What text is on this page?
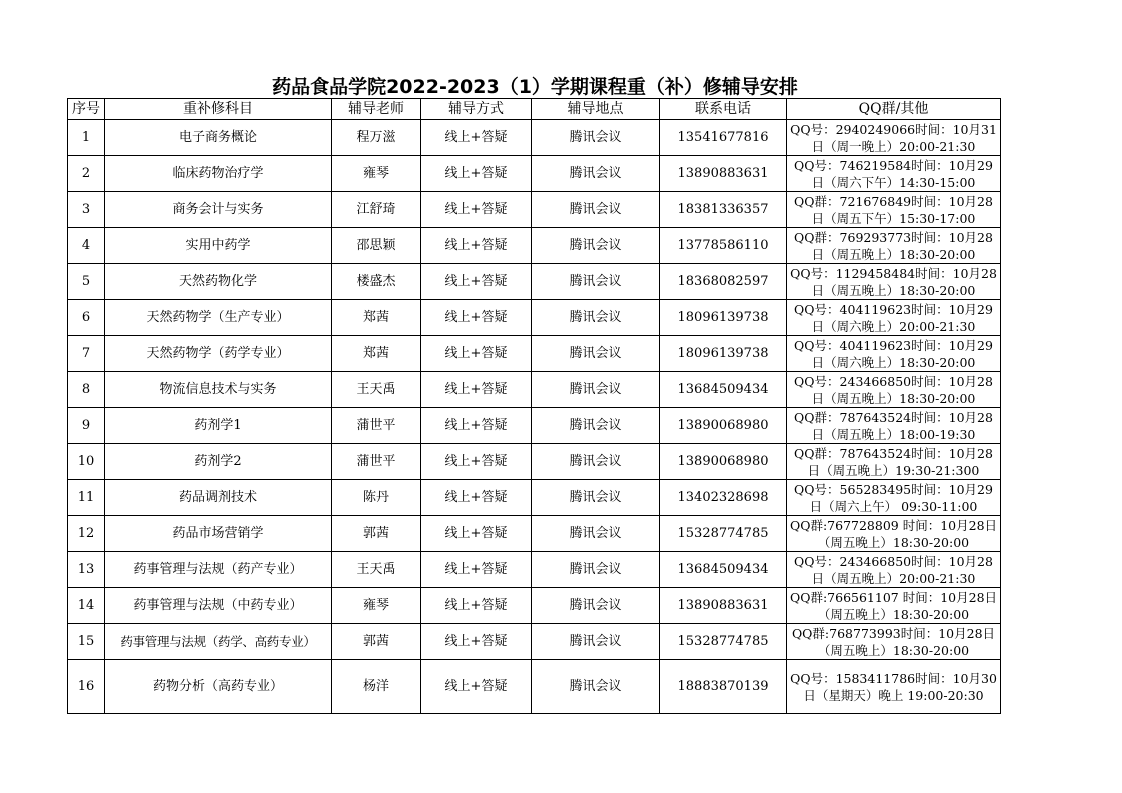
药品食品学院2022-2023（1）学期课程重（补）修辅导安排
序号	重补修科目	辅导老师	辅导方式	辅导地点	联系电话	QQ群/其他
1	电子商务概论	程万滋	线上+答疑	腾讯会议	13541677816	QQ号：2940249066时间：10月31日（周一晚上）20:00-21:30
2	临床药物治疗学	雍琴	线上+答疑	腾讯会议	13890883631	QQ号：746219584时间：10月29日（周六下午）14:30-15:00
3	商务会计与实务	江舒琦	线上+答疑	腾讯会议	18381336357	QQ群：721676849时间：10月28日（周五下午）15:30-17:00
4	实用中药学	邵思颖	线上+答疑	腾讯会议	13778586110	QQ群：769293773时间：10月28日（周五晚上）18:30-20:00
5	天然药物化学	楼盛杰	线上+答疑	腾讯会议	18368082597	QQ号：1129458484时间：10月28日（周五晚上）18:30-20:00
6	天然药物学（生产专业）	郑茜	线上+答疑	腾讯会议	18096139738	QQ号：404119623时间：10月29日（周六晚上）20:00-21:30
7	天然药物学（药学专业）	郑茜	线上+答疑	腾讯会议	18096139738	QQ号：404119623时间：10月29日（周六晚上）18:30-20:00
8	物流信息技术与实务	王天禹	线上+答疑	腾讯会议	13684509434	QQ号：243466850时间：10月28日（周五晚上）18:30-20:00
9	药剂学1	蒲世平	线上+答疑	腾讯会议	13890068980	QQ群：787643524时间：10月28日（周五晚上）18:00-19:30
10	药剂学2	蒲世平	线上+答疑	腾讯会议	13890068980	QQ群：787643524时间：10月28日（周五晚上）19:30-21:300
11	药品调剂技术	陈丹	线上+答疑	腾讯会议	13402328698	QQ号：565283495时间：10月29日（周六上午） 09:30-11:00
12	药品市场营销学	郭茜	线上+答疑	腾讯会议	15328774785	QQ群:767728809 时间：10月28日（周五晚上）18:30-20:00
13	药事管理与法规（药产专业）	王天禹	线上+答疑	腾讯会议	13684509434	QQ号：243466850时间：10月28日（周五晚上）20:00-21:30
14	药事管理与法规（中药专业）	雍琴	线上+答疑	腾讯会议	13890883631	QQ群:766561107 时间：10月28日（周五晚上）18:30-20:00
15	药事管理与法规（药学、高药专业）	郭茜	线上+答疑	腾讯会议	15328774785	QQ群:768773993时间：10月28日（周五晚上）18:30-20:00
16	药物分析（高药专业）	杨洋	线上+答疑	腾讯会议	18883870139	QQ号：1583411786时间：10月30日（星期天）晚上 19:00-20:30
